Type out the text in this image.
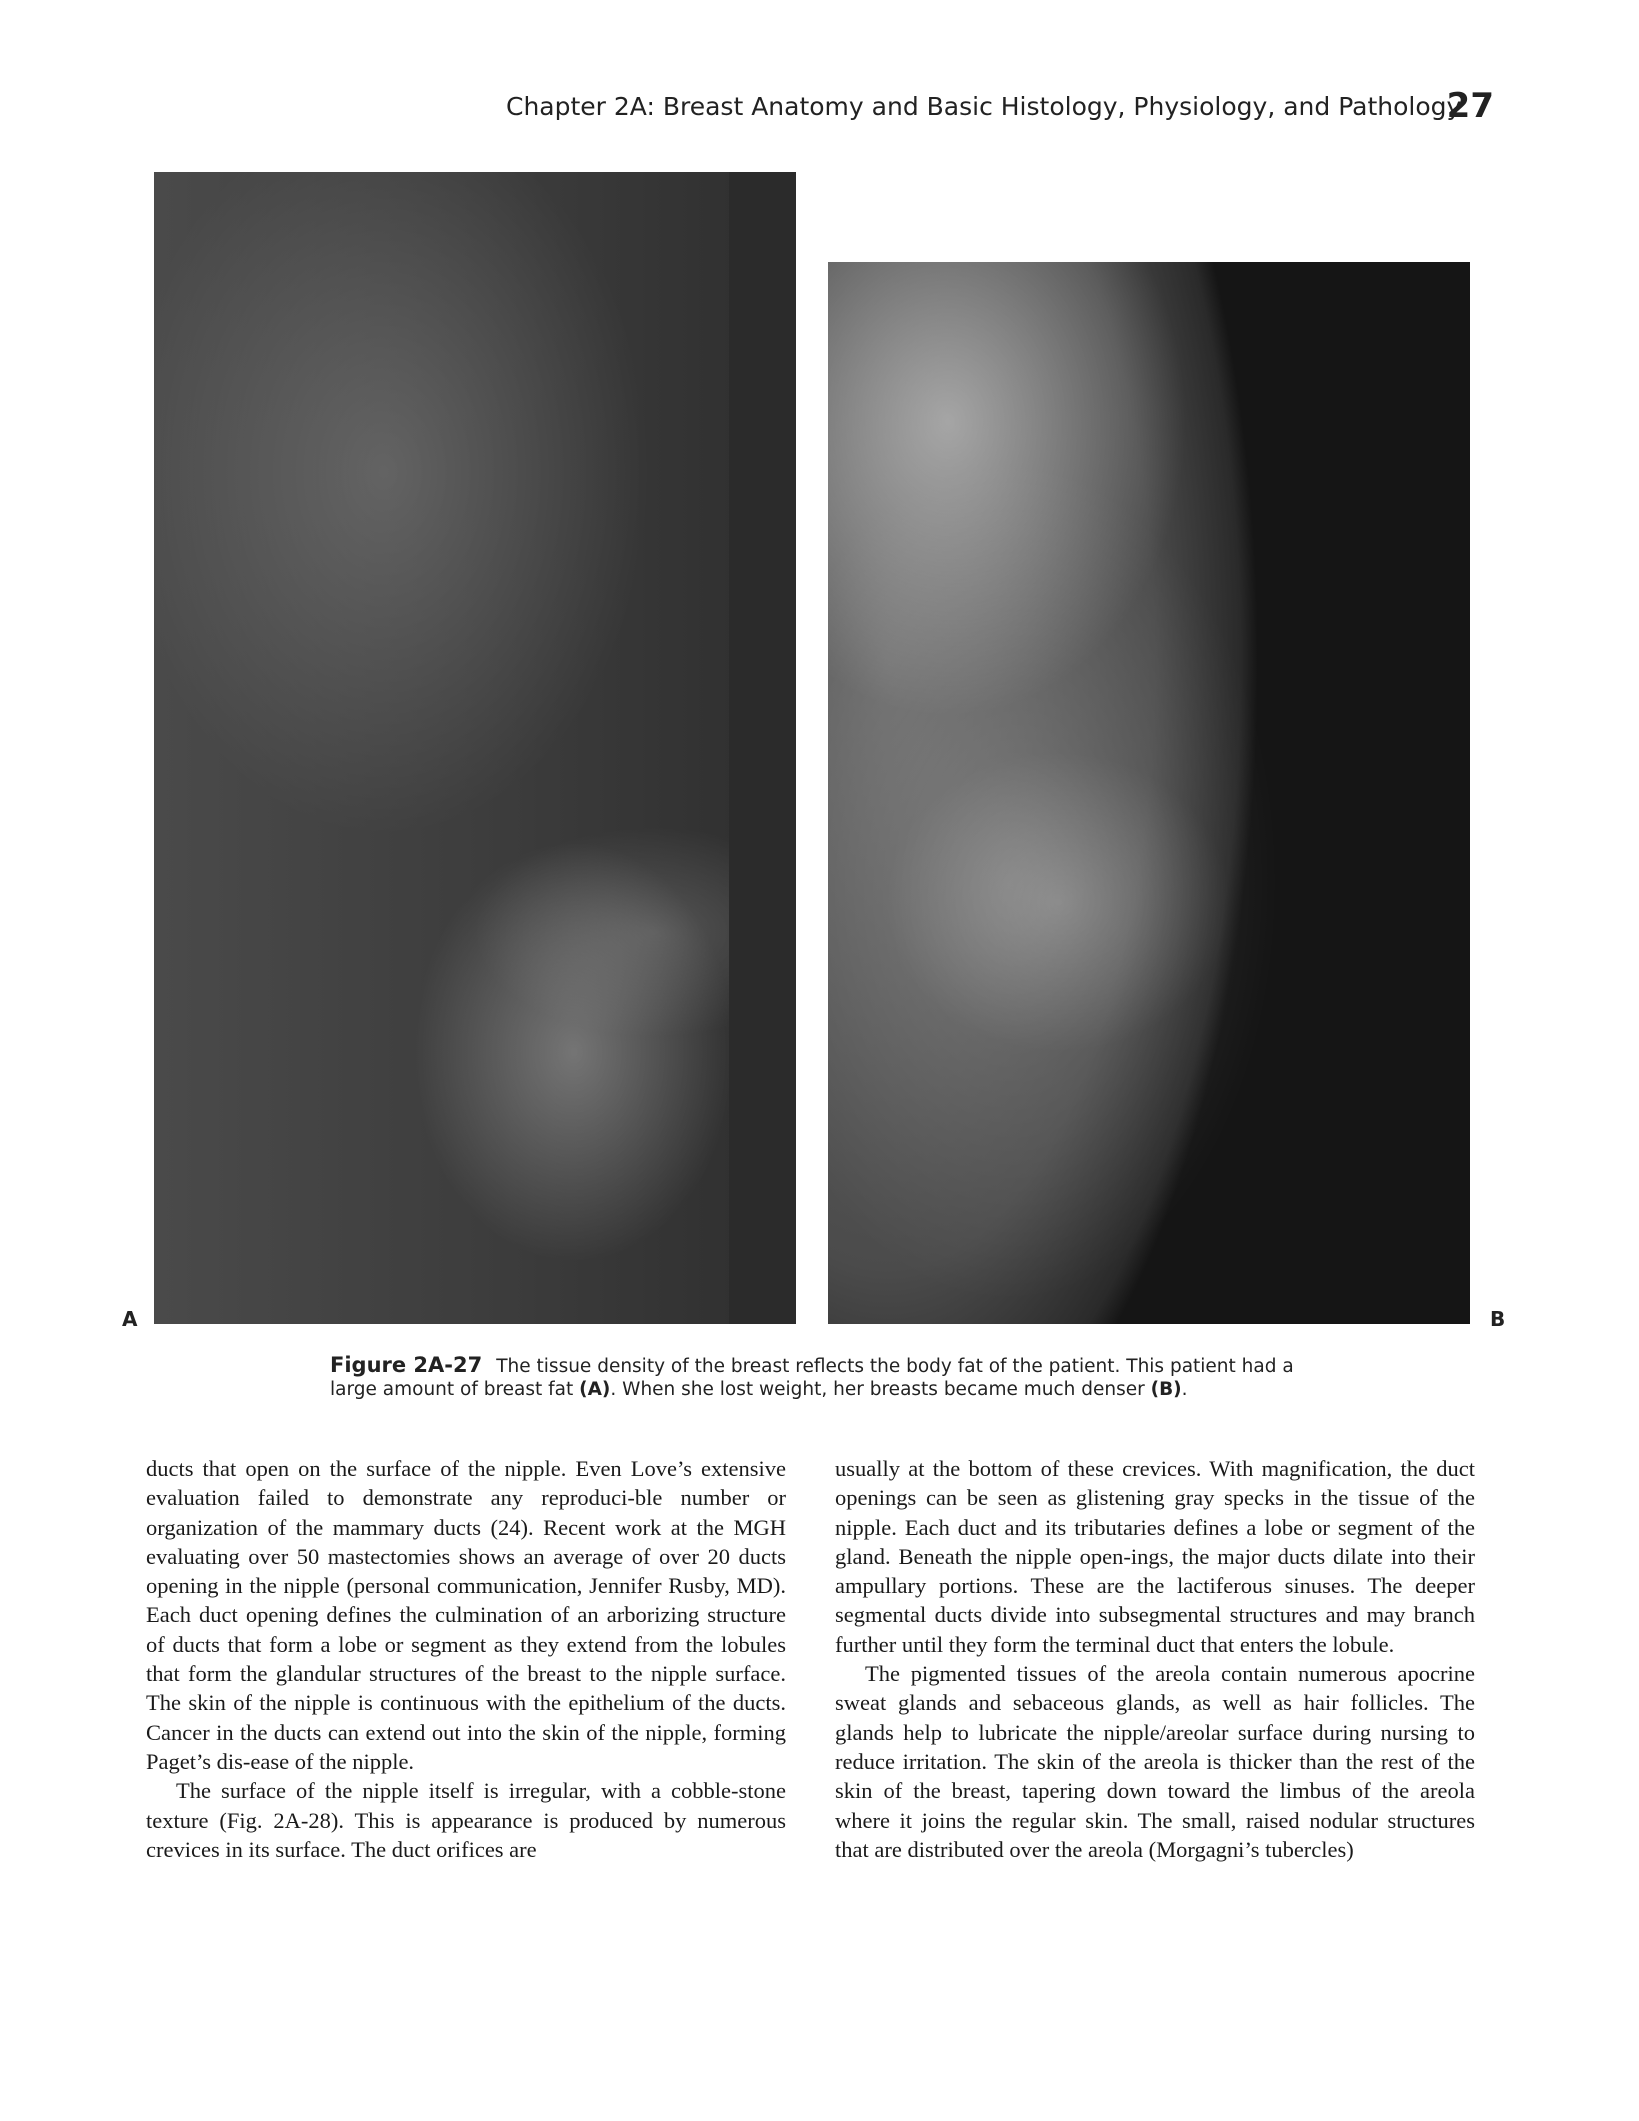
Chapter 2A: Breast Anatomy and Basic Histology, Physiology, and Pathology
27
A	B
Figure 2A-27 The tissue density of the breast reflects the body fat of the patient. This patient had a large amount of breast fat (A). When she lost weight, her breasts became much denser (B).

ducts that open on the surface of the nipple. Even Love’s extensive evaluation failed to demonstrate any reproduci-ble number or organization of the mammary ducts (24). Recent work at the MGH evaluating over 50 mastectomies shows an average of over 20 ducts opening in the nipple (personal communication, Jennifer Rusby, MD). Each duct opening defines the culmination of an arborizing structure of ducts that form a lobe or segment as they extend from the lobules that form the glandular structures of the breast to the nipple surface. The skin of the nipple is continuous with the epithelium of the ducts. Cancer in the ducts can extend out into the skin of the nipple, forming Paget’s dis-ease of the nipple.

The surface of the nipple itself is irregular, with a cobble-stone texture (Fig. 2A-28). This is appearance is produced by numerous crevices in its surface. The duct orifices are

usually at the bottom of these crevices. With magnification, the duct openings can be seen as glistening gray specks in the tissue of the nipple. Each duct and its tributaries defines a lobe or segment of the gland. Beneath the nipple open-ings, the major ducts dilate into their ampullary portions. These are the lactiferous sinuses. The deeper segmental ducts divide into subsegmental structures and may branch further until they form the terminal duct that enters the lobule.

The pigmented tissues of the areola contain numerous apocrine sweat glands and sebaceous glands, as well as hair follicles. The glands help to lubricate the nipple/areolar surface during nursing to reduce irritation. The skin of the areola is thicker than the rest of the skin of the breast, tapering down toward the limbus of the areola where it joins the regular skin. The small, raised nodular structures that are distributed over the areola (Morgagni’s tubercles)
